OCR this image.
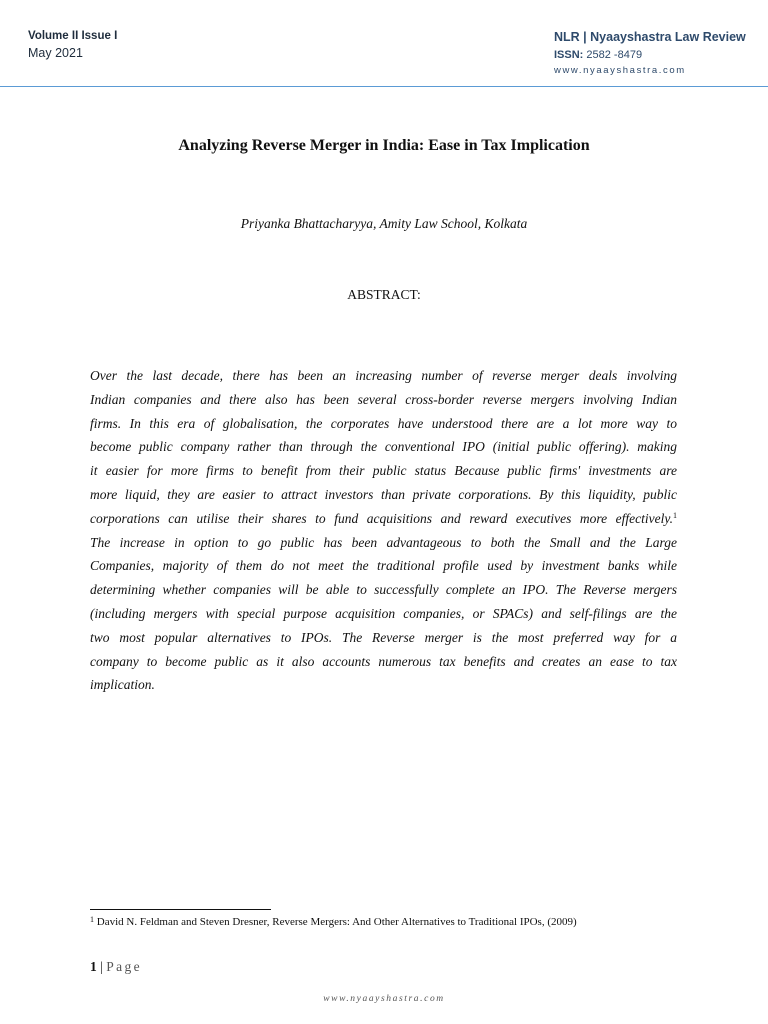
Volume II Issue I
May 2021
NLR | Nyaayshastra Law Review
ISSN: 2582 -8479
www.nyaayshastra.com
Analyzing Reverse Merger in India: Ease in Tax Implication
Priyanka Bhattacharyya, Amity Law School, Kolkata
ABSTRACT:
Over the last decade, there has been an increasing number of reverse merger deals involving
Indian companies and there also has been several cross-border reverse mergers involving Indian
firms. In this era of globalisation, the corporates have understood there are a lot more way to
become public company rather than through the conventional IPO (initial public offering). making
it easier for more firms to benefit from their public status Because public firms' investments are
more liquid, they are easier to attract investors than private corporations. By this liquidity, public
corporations can utilise their shares to fund acquisitions and reward executives more effectively.$^1$
The increase in option to go public has been advantageous to both the Small and the Large
Companies, majority of them do not meet the traditional profile used by investment banks while
determining whether companies will be able to successfully complete an IPO. The Reverse mergers
(including mergers with special purpose acquisition companies, or SPACs) and self-filings are the
two most popular alternatives to IPOs. The Reverse merger is the most preferred way for a
company to become public as it also accounts numerous tax benefits and creates an ease to tax
implication.
$^1$ David N. Feldman and Steven Dresner, Reverse Mergers: And Other Alternatives to Traditional IPOs, (2009)
1 | Page
www.nyaayshastra.com
